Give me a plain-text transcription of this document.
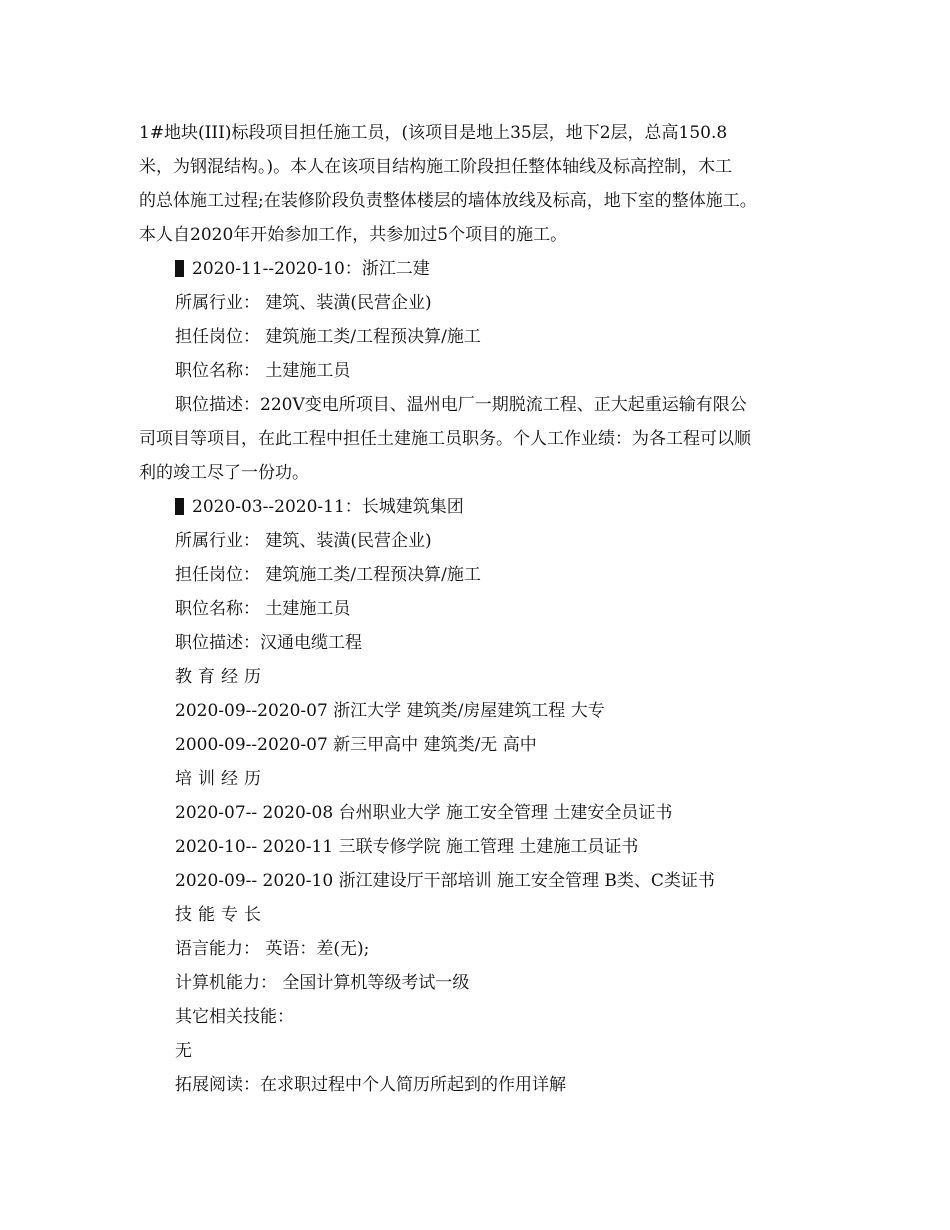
1#地块(III)标段项目担任施工员，(该项目是地上35层，地下2层，总高150.8
米，为钢混结构。)。本人在该项目结构施工阶段担任整体轴线及标高控制，木工
的总体施工过程;在装修阶段负责整体楼层的墙体放线及标高，地下室的整体施工。
本人自2020年开始参加工作，共参加过5个项目的施工。
2020-11--2020-10：浙江二建
所属行业： 建筑、装潢(民营企业)
担任岗位： 建筑施工类/工程预决算/施工
职位名称： 土建施工员
职位描述：220V变电所项目、温州电厂一期脱流工程、正大起重运输有限公
司项目等项目，在此工程中担任土建施工员职务。个人工作业绩：为各工程可以顺
利的竣工尽了一份功。
2020-03--2020-11：长城建筑集团
所属行业： 建筑、装潢(民营企业)
担任岗位： 建筑施工类/工程预决算/施工
职位名称： 土建施工员
职位描述：汉通电缆工程
教育经历
2020-09--2020-07 浙江大学 建筑类/房屋建筑工程 大专
2000-09--2020-07 新三甲高中 建筑类/无 高中
培训经历
2020-07-- 2020-08 台州职业大学 施工安全管理 土建安全员证书
2020-10-- 2020-11 三联专修学院 施工管理 土建施工员证书
2020-09-- 2020-10 浙江建设厅干部培训 施工安全管理 B类、C类证书
技能专长
语言能力： 英语：差(无);
计算机能力： 全国计算机等级考试一级
其它相关技能：
无
拓展阅读：在求职过程中个人简历所起到的作用详解
